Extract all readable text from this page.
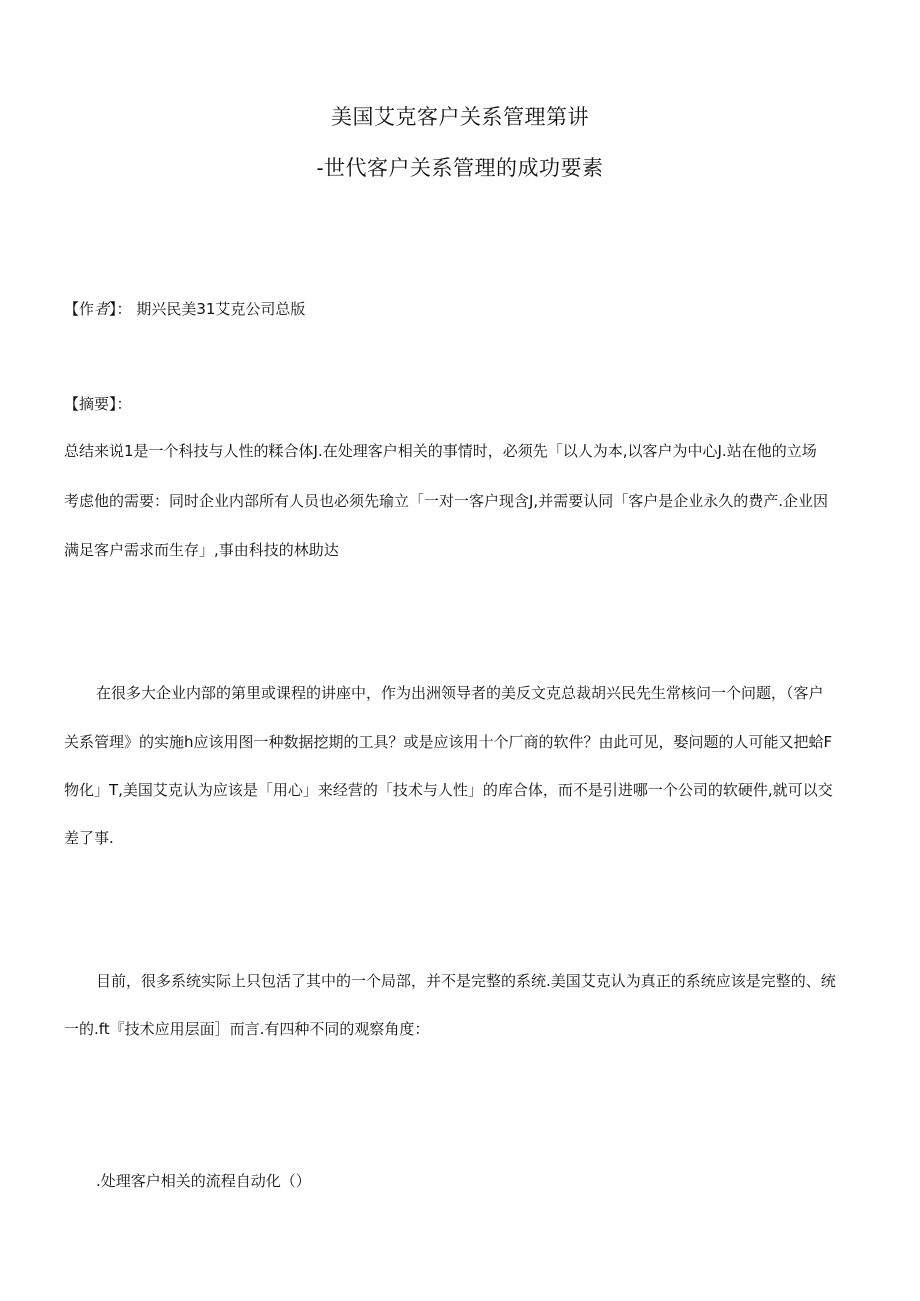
美国艾克客户关系管理第讲
-世代客户关系管理的成功要素
【作者】： 期兴民美31艾克公司总版
【摘要】：
总结来说1是一个科技与人性的糅合体J.在处理客户相关的事情时，必须先「以人为本,以客户为中心J.站在他的立场
考虑他的需要：同时企业内部所有人员也必须先瑜立「一对一客户现含J,并需要认同「客户是企业永久的费产.企业因
满足客户需求而生存」,事由科技的林助达
在很多大企业内部的第里或课程的讲座中，作为出洲领导者的美反文克总裁胡兴民先生常核问一个问题，（客户
关系管理》的实施h应该用图一种数据挖期的工具？或是应该用十个厂商的软件？由此可见，娶问题的人可能又把蛤F
物化」T,美国艾克认为应该是「用心」来经营的「技术与人性」的库合体，而不是引进哪一个公司的软硬件,就可以交
差了事.
目前，很多系统实际上只包活了其中的一个局部，并不是完整的系统.美国艾克认为真正的系统应该是完整的、统
一的.ft『技术应用层面］而言.有四种不同的观察角度：
.处理客户相关的流程自动化（）
